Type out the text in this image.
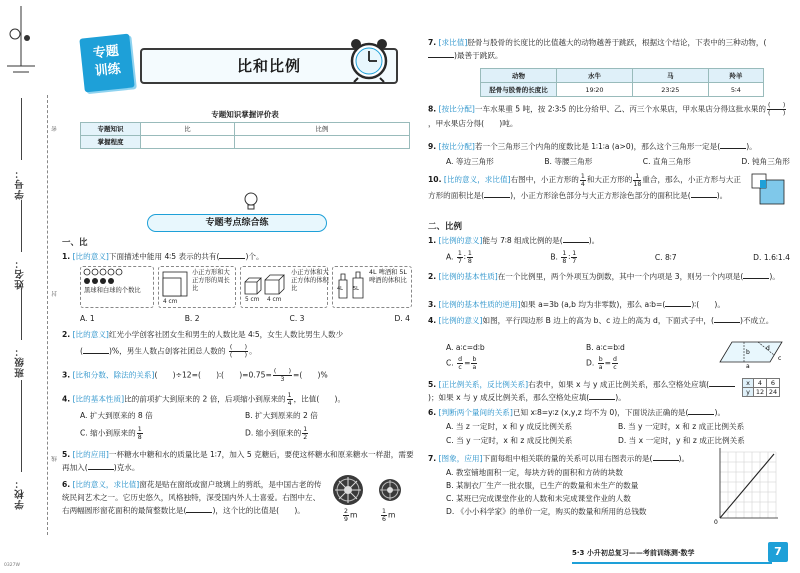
密
封
线
学号：
姓名：
班级：
学校：
0327W
专题
训练	比和比例
专题知识掌握评价表		
专题知识	比	比例
掌握程度		
专题考点综合练
一、比
1. [比的意义]下面描述中能用 4∶5 表示的共有(	)个。
黑球和白球的个数比
4 cm
小正方形和大正方形的周长比
5 cm 4 cm
小正方体和大正方体的体积比	4L 5L
4L 啤酒和 5L 啤酒的体积比
A. 1	B. 2	C. 3	D. 4
2. [比的意义]红光小学创客社团女生和男生的人数比是 4∶5，女生人数比男生人数少
(	)%，男生人数占创客社团总人数的 $\frac{( )}{( )}$ 。
3. [比和分数、除法的关系](　　)÷12=(　　)∶(　　)$=0.75= \frac{( )}{3}$ =(　　)%
4. [比的基本性质]比的前项扩大到原来的 2 倍，后项缩小到原来的 $\frac{1}{4}$ ，比值(　　)。
A. 扩大到原来的 8 倍	B. 扩大到原来的 2 倍
C. 缩小到原来的 $\frac{1}{8}$	D. 缩小到原来的 $\frac{1}{2}$
5. [比的应用]一杯糖水中糖和水的质量比是 1∶7，加入 5 克糖后，要使这杯糖水和原来糖水一样甜，需要再加入(	)克水。
6. [比的意义，求比值]窗花是贴在窗纸或窗户玻璃上的剪纸，是中国古老的传统民间艺术之一。它历史悠久，风格独特，深受国内外人士喜爱。右图中左、右两幅圆形窗花面积的最简整数比是(	)，这个比的比值是(　　)。	$\frac{2}{9}$ m	$\frac{1}{6}$ m
7. [求比值]胫骨与股骨的长度比的比值越大的动物越善于跳跃，根据这个结论，下表中的三种动物，()最善于跳跃。
动物	水牛	马	羚羊
胫骨与股骨的长度比	19∶20	23∶25	5∶4
8. [按比分配]一车水果重 5 吨，按 2∶3∶5 的比分给甲、乙、丙三个水果店，甲水果店分得这批水果的 $\frac{( )}{( )}$
，甲水果店分得(　　)吨。
9. [按比分配]若一个三角形三个内角的度数比是 1∶1∶a (a>0)，那么这个三角形一定是(	)。
A. 等边三角形	B. 等腰三角形	C. 直角三角形	D. 钝角三角形
10. [比的意义，求比值]右图中，小正方形的 $\frac{1}{4}$ 和大正方形的 $\frac{1}{18}$ 重合，那么，小正方形与大正方形的面积比是(	)，小正方形涂色部分与大正方形涂色部分的面积比是(	)。
二、比例
1. [比例的意义]能与 7∶8 组成比例的是(	)。
A. $\frac{1}{7}$ ∶ $\frac{1}{8}$	B. $\frac{1}{8}$ ∶ $\frac{1}{7}$	C. 8∶7	D. 1.6∶1.4
2. [比例的基本性质]在一个比例里，两个外项互为倒数，其中一个内项是 3，则另一个内项是(	)。
3. [比例的基本性质的逆用]如果 a=3b (a,b 均为非零数)，那么 a∶b=(	)∶(　　)。
4. [比例的意义]如图，平行四边形 B 边上的高为 b、c 边上的高为 d，下面式子中，(	)不成立。
A. a∶c=d∶b	B. a∶c=b∶d
C. $\frac{d}{c} = \frac{b}{a}$	D. $\frac{b}{a} = \frac{d}{c}$	a
b
c
d
5. [正比例关系，反比例关系]右表中，如果 x 与 y 成正比例关系，那么空格处应填()；如果 x 与 y 成反比例关系，那么空格处应填(	)。
x	4	6
y	12	24
6. [判断两个量间的关系]已知 x∶8=y∶z (x,y,z 均不为 0)，下面说法正确的是(	)。
A. 当 z 一定时，x 和 y 成反比例关系	B. 当 y 一定时，x 和 z 成正比例关系
C. 当 y 一定时，x 和 z 成反比例关系	D. 当 x 一定时，y 和 z 成正比例关系
7. [图象，应用]下面每组中相关联的量的关系可以用右图表示的是(	)。
A. 教室铺地面积一定，每块方砖的面积和方砖的块数
B. 某制衣厂生产一批衣服，已生产的数量和未生产的数量
C. 某班已完成课堂作业的人数和未完成课堂作业的人数
D. 《小小科学家》的单价一定，购买的数量和所用的总钱数
0
5·3 小升初总复习——考前训练测·数学	7
